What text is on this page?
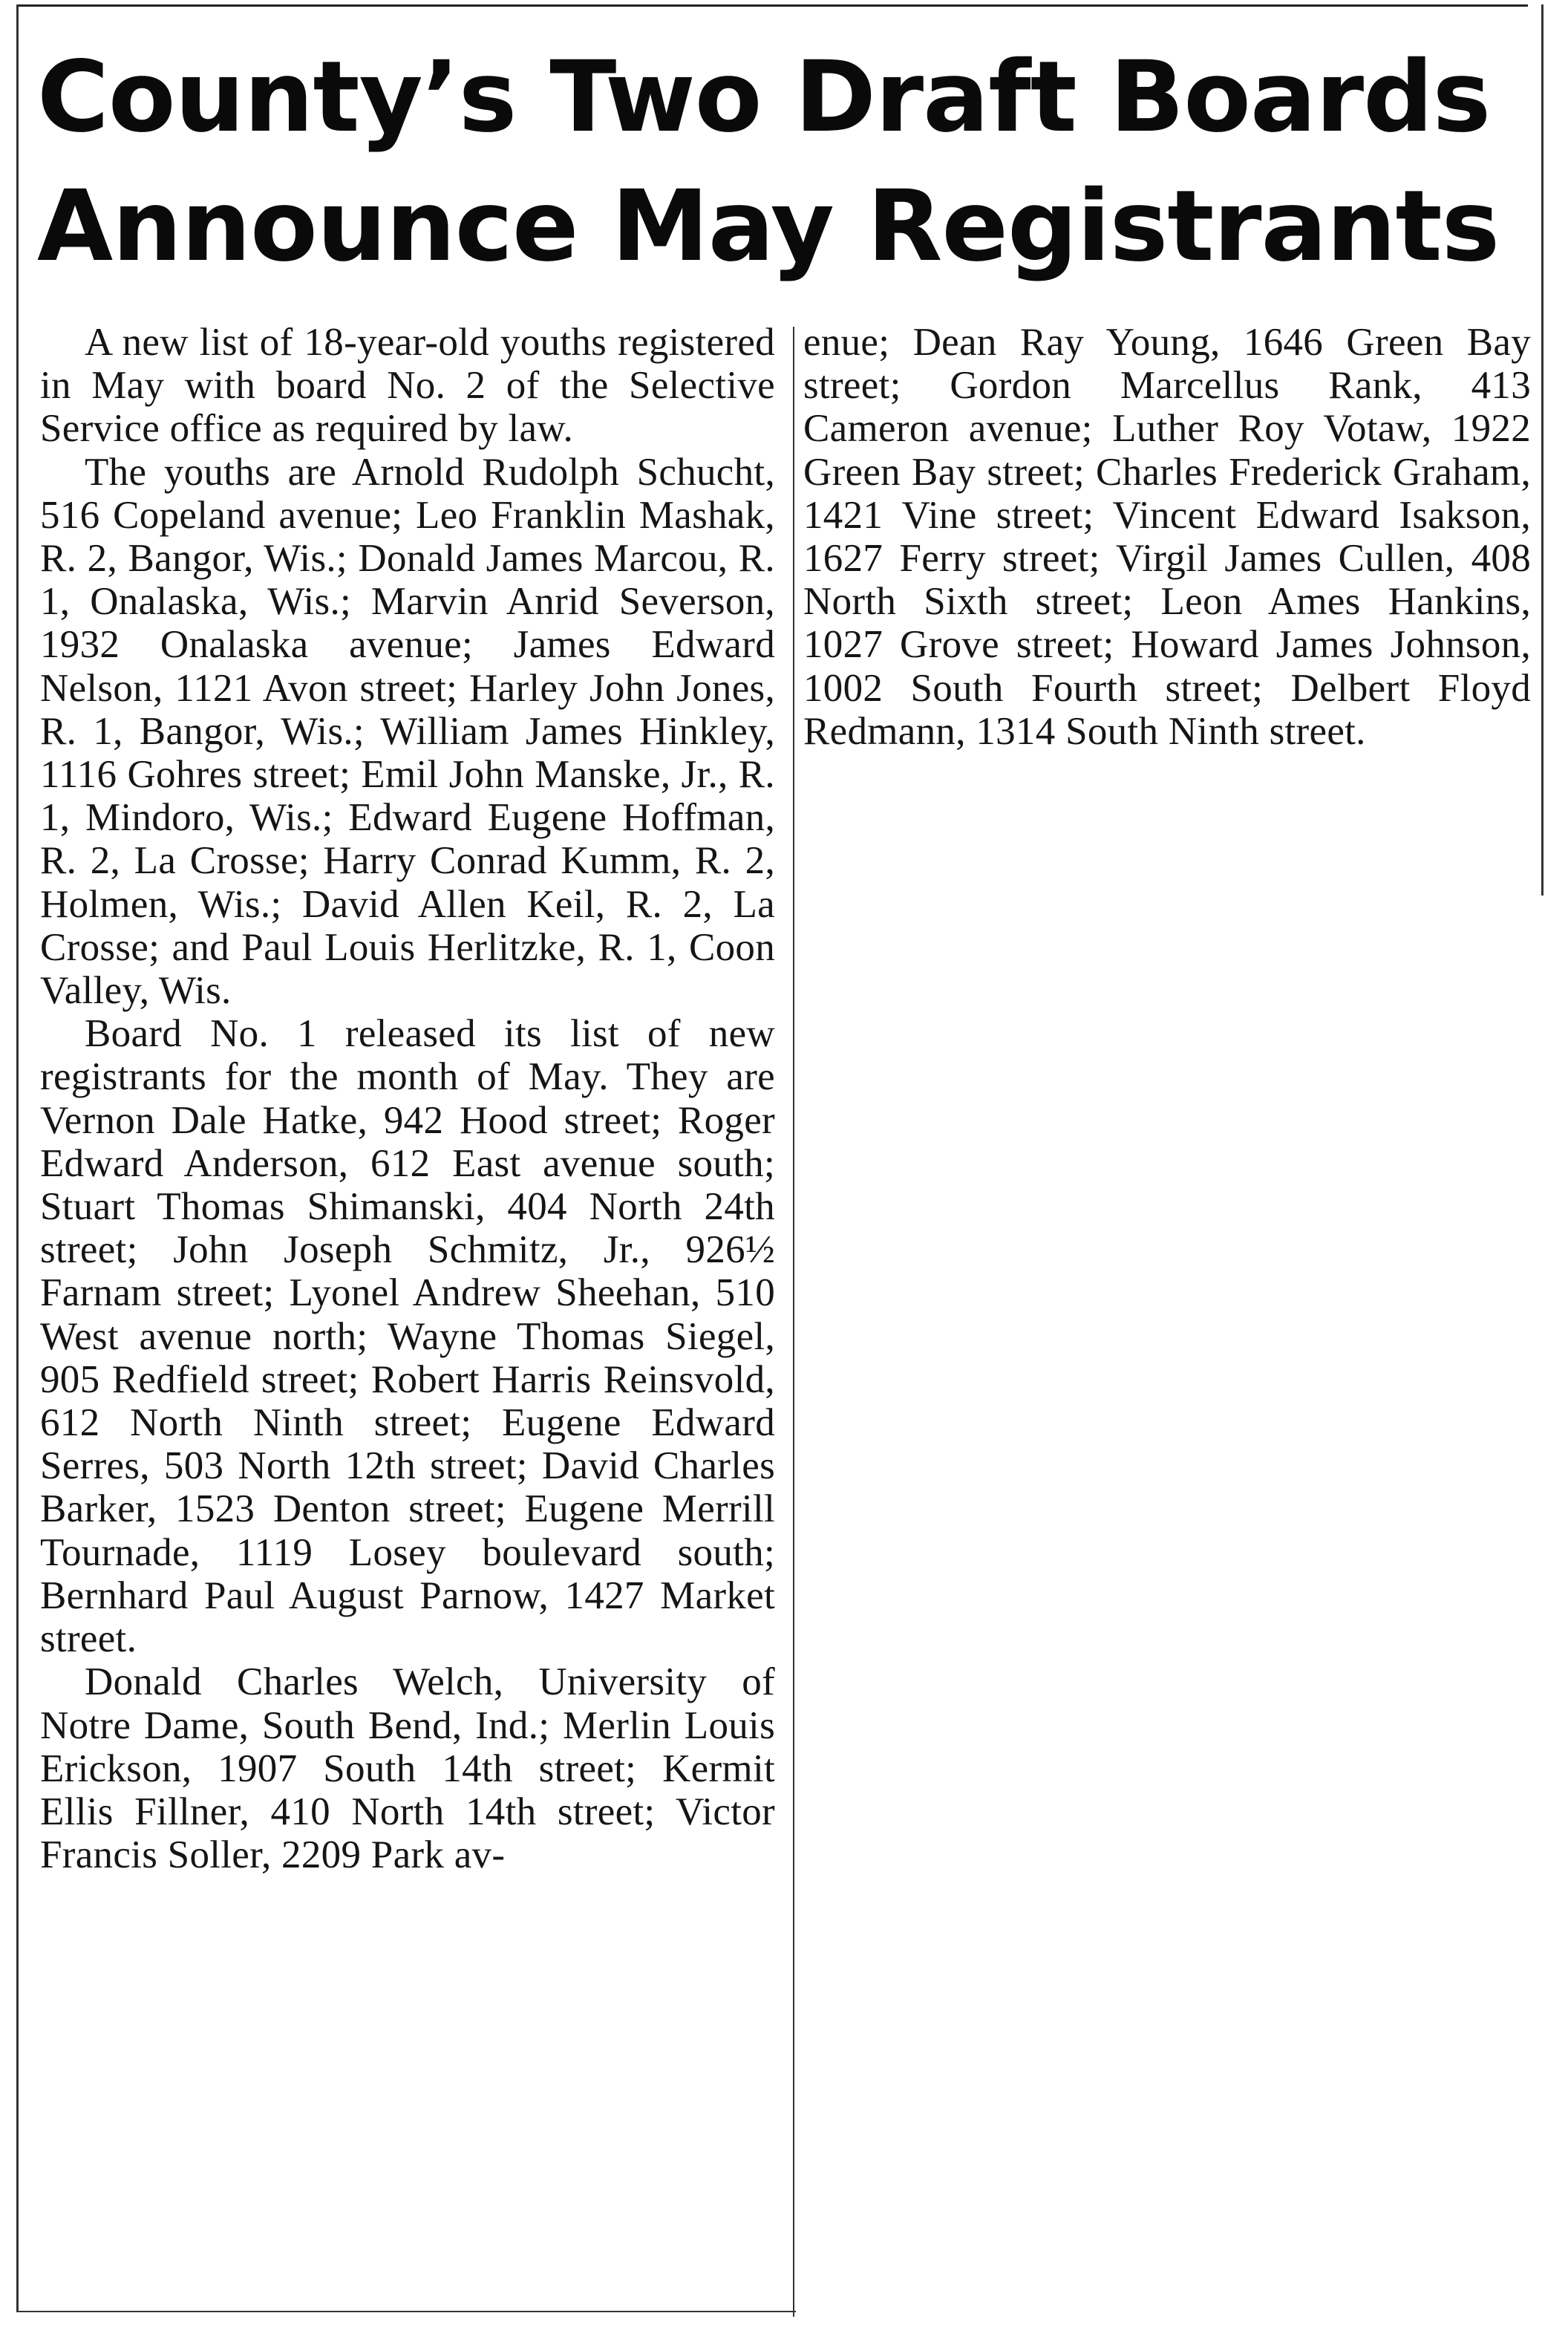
County’s Two Draft Boards
Announce May Registrants

A new list of 18-year-old youths registered in May with board No. 2 of the Selective Service office as required by law.

The youths are Arnold Rudolph Schucht, 516 Copeland avenue; Leo Franklin Mashak, R. 2, Bangor, Wis.; Donald James Marcou, R. 1, Onalaska, Wis.; Marvin Anrid Severson, 1932 Onalaska avenue; James Edward Nelson, 1121 Avon street; Harley John Jones, R. 1, Bangor, Wis.; William James Hinkley, 1116 Gohres street; Emil John Manske, Jr., R. 1, Mindoro, Wis.; Edward Eugene Hoffman, R. 2, La Crosse; Harry Conrad Kumm, R. 2, Holmen, Wis.; David Allen Keil, R. 2, La Crosse; and Paul Louis Herlitzke, R. 1, Coon Valley, Wis.

Board No. 1 released its list of new registrants for the month of May. They are Vernon Dale Hatke, 942 Hood street; Roger Edward Anderson, 612 East avenue south; Stuart Thomas Shimanski, 404 North 24th street; John Joseph Schmitz, Jr., 926½ Farnam street; Lyonel Andrew Sheehan, 510 West avenue north; Wayne Thomas Siegel, 905 Redfield street; Robert Harris Reinsvold, 612 North Ninth street; Eugene Edward Serres, 503 North 12th street; David Charles Barker, 1523 Denton street; Eugene Merrill Tournade, 1119 Losey boulevard south; Bernhard Paul August Parnow, 1427 Market street.

Donald Charles Welch, University of Notre Dame, South Bend, Ind.; Merlin Louis Erickson, 1907 South 14th street; Kermit Ellis Fillner, 410 North 14th street; Victor Francis Soller, 2209 Park av-

enue; Dean Ray Young, 1646 Green Bay street; Gordon Marcellus Rank, 413 Cameron avenue; Luther Roy Votaw, 1922 Green Bay street; Charles Frederick Graham, 1421 Vine street; Vincent Edward Isakson, 1627 Ferry street; Virgil James Cullen, 408 North Sixth street; Leon Ames Hankins, 1027 Grove street; Howard James Johnson, 1002 South Fourth street; Delbert Floyd Redmann, 1314 South Ninth street.
